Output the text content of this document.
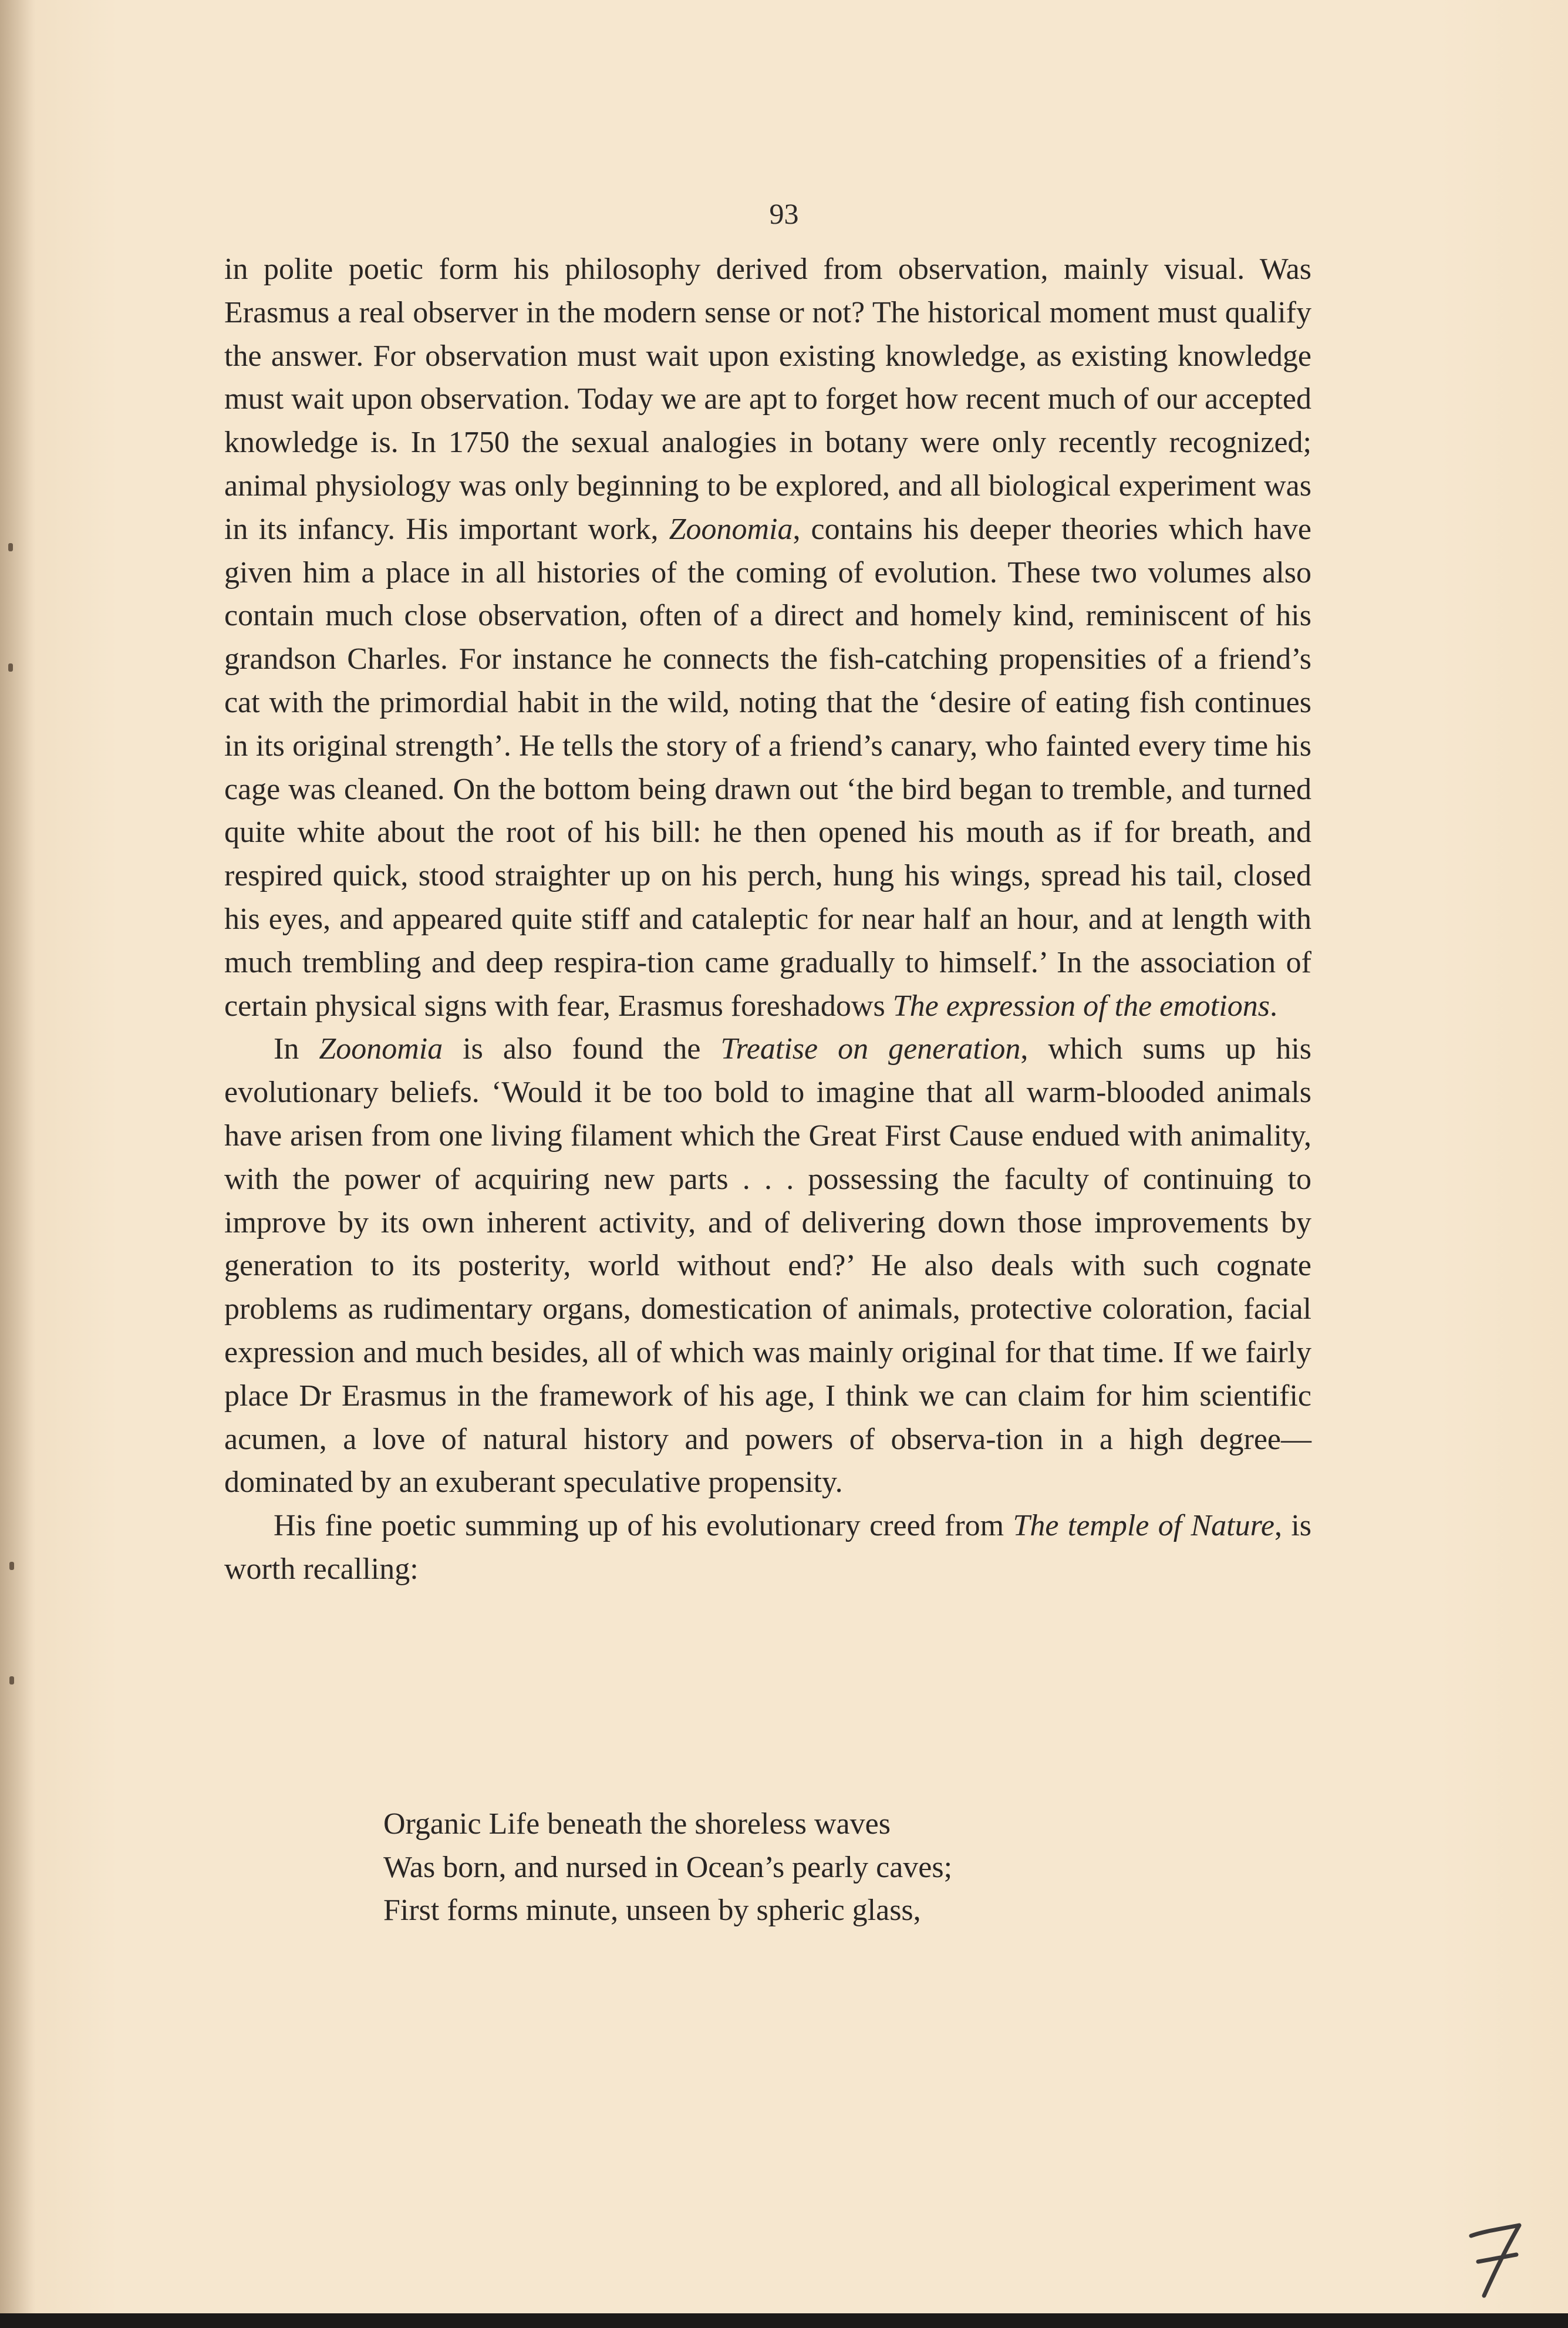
93

in polite poetic form his philosophy derived from observation, mainly visual. Was Erasmus a real observer in the modern sense or not? The historical moment must qualify the answer. For observation must wait upon existing knowledge, as existing knowledge must wait upon observation. Today we are apt to forget how recent much of our accepted knowledge is. In 1750 the sexual analogies in botany were only recently recognized; animal physiology was only beginning to be explored, and all biological experiment was in its infancy. His important work, Zoonomia, contains his deeper theories which have given him a place in all histories of the coming of evolution. These two volumes also contain much close observation, often of a direct and homely kind, reminiscent of his grandson Charles. For instance he connects the fish-catching propensities of a friend’s cat with the primordial habit in the wild, noting that the ‘desire of eating fish continues in its original strength’. He tells the story of a friend’s canary, who fainted every time his cage was cleaned. On the bottom being drawn out ‘the bird began to tremble, and turned quite white about the root of his bill: he then opened his mouth as if for breath, and respired quick, stood straighter up on his perch, hung his wings, spread his tail, closed his eyes, and appeared quite stiff and cataleptic for near half an hour, and at length with much trembling and deep respira-tion came gradually to himself.’ In the association of certain physical signs with fear, Erasmus foreshadows The expression of the emotions.

In Zoonomia is also found the Treatise on generation, which sums up his evolutionary beliefs. ‘Would it be too bold to imagine that all warm-blooded animals have arisen from one living filament which the Great First Cause endued with animality, with the power of acquiring new parts . . . possessing the faculty of continuing to improve by its own inherent activity, and of delivering down those improvements by generation to its posterity, world without end?’ He also deals with such cognate problems as rudimentary organs, domestication of animals, protective coloration, facial expression and much besides, all of which was mainly original for that time. If we fairly place Dr Erasmus in the framework of his age, I think we can claim for him scientific acumen, a love of natural history and powers of observa-tion in a high degree—dominated by an exuberant speculative propensity.

His fine poetic summing up of his evolutionary creed from The temple of Nature, is worth recalling:

Organic Life beneath the shoreless waves
Was born, and nursed in Ocean’s pearly caves;
First forms minute, unseen by spheric glass,
